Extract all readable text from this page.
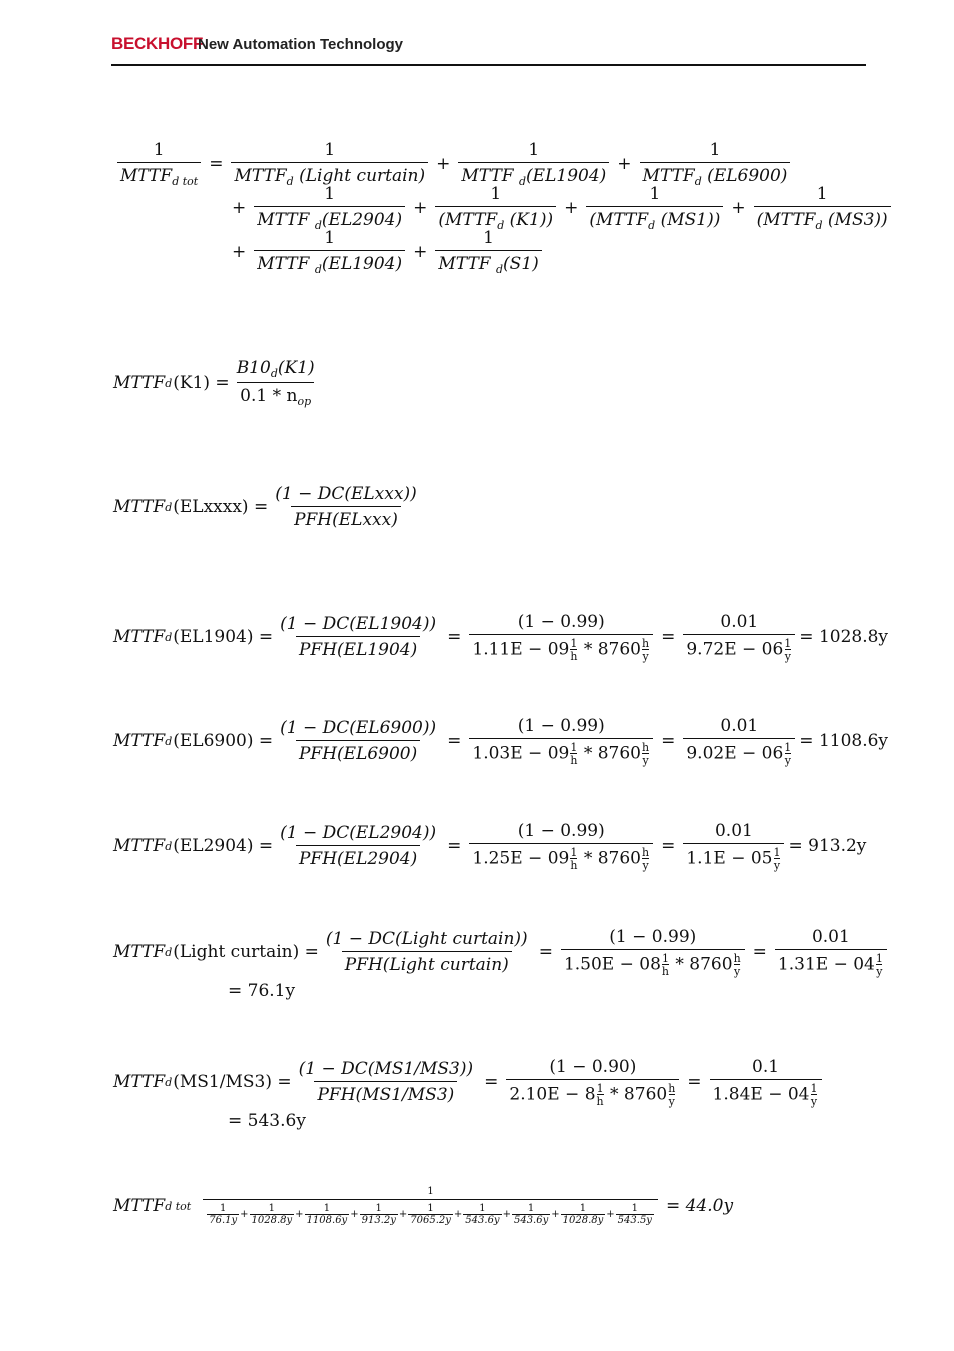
BECKHOFF
New Automation Technology
$\frac{1}{MTTF_{d tot}} = \frac{1}{MTTF_d (Light curtain)} + \frac{1}{MTTF _d(EL1904)} + \frac{1}{MTTF_d (EL6900)}$
+ $\frac{1}{MTTF _d(EL2904)} + \frac{1}{(MTTF_d (K1))} + \frac{1}{(MTTF_d (MS1))} + \frac{1}{(MTTF_d (MS3))}$
+ $\frac{1}{MTTF _d(EL1904)} + \frac{1}{MTTF _d(S1)}$
MTTF d $(K1) = \frac{B10_d(K1)}{0.1 * n_{op}}$
MTTF d (ELxxxx) = $\frac{\text{(1 − DC(ELxxx))}}{\text{PFH(ELxxx)}}$
MTTF d $(EL1904) = \frac{(1 - DC(EL1904))}{\text{PFH(EL1904)}} = \frac{(1 - 0.99)}{1.11E - 09 \frac{1}{h} * 8760 \frac{h}{y}} = \frac{0.01}{9.72E - 06 \frac{1}{y}} = 1028.8y$
MTTF d $(EL6900) = \frac{(1 - DC(EL6900))}{\text{PFH(EL6900)}} = \frac{(1 - 0.99)}{1.03E - 09 \frac{1}{h} * 8760 \frac{h}{y}} = \frac{0.01}{9.02E - 06 \frac{1}{y}} = 1108.6y$
MTTF d $(EL2904) = \frac{(1 - DC(EL2904))}{\text{PFH(EL2904)}} = \frac{(1 - 0.99)}{1.25E - 09 \frac{1}{h} * 8760 \frac{h}{y}} = \frac{0.01}{1.1E - 05 \frac{1}{y}} = 913.2y$
MTTF d (Light curtain) = $\frac{\text{(1 − DC(Light curtain))}}{\text{PFH(Light curtain)}} = \frac{(1 - 0.99)}{1.50E - 08 \frac{1}{h} * 8760 \frac{h}{y}} = \frac{0.01}{1.31E - 04 \frac{1}{y}}$
= 76.1y
MTTF d $(MS1/MS3) = \frac{(1 - DC(MS1/MS3))}{\text{PFH(MS1/MS3)}} = \frac{(1 - 0.90)}{2.10E - 8 \frac{1}{h} * 8760 \frac{h}{y}} = \frac{0.1}{1.84E - 04 \frac{1}{y}}$
= 543.6y
MTTF d tot
1
$\frac{1}{76.1y} + \frac{1}{1028.8y} + \frac{1}{1108.6y} + \frac{1}{913.2y} + \frac{1}{7065.2y} + \frac{1}{543.6y} + \frac{1}{543.6y} + \frac{1}{1028.8y} + \frac{1}{543.5y} = 44.0y$
